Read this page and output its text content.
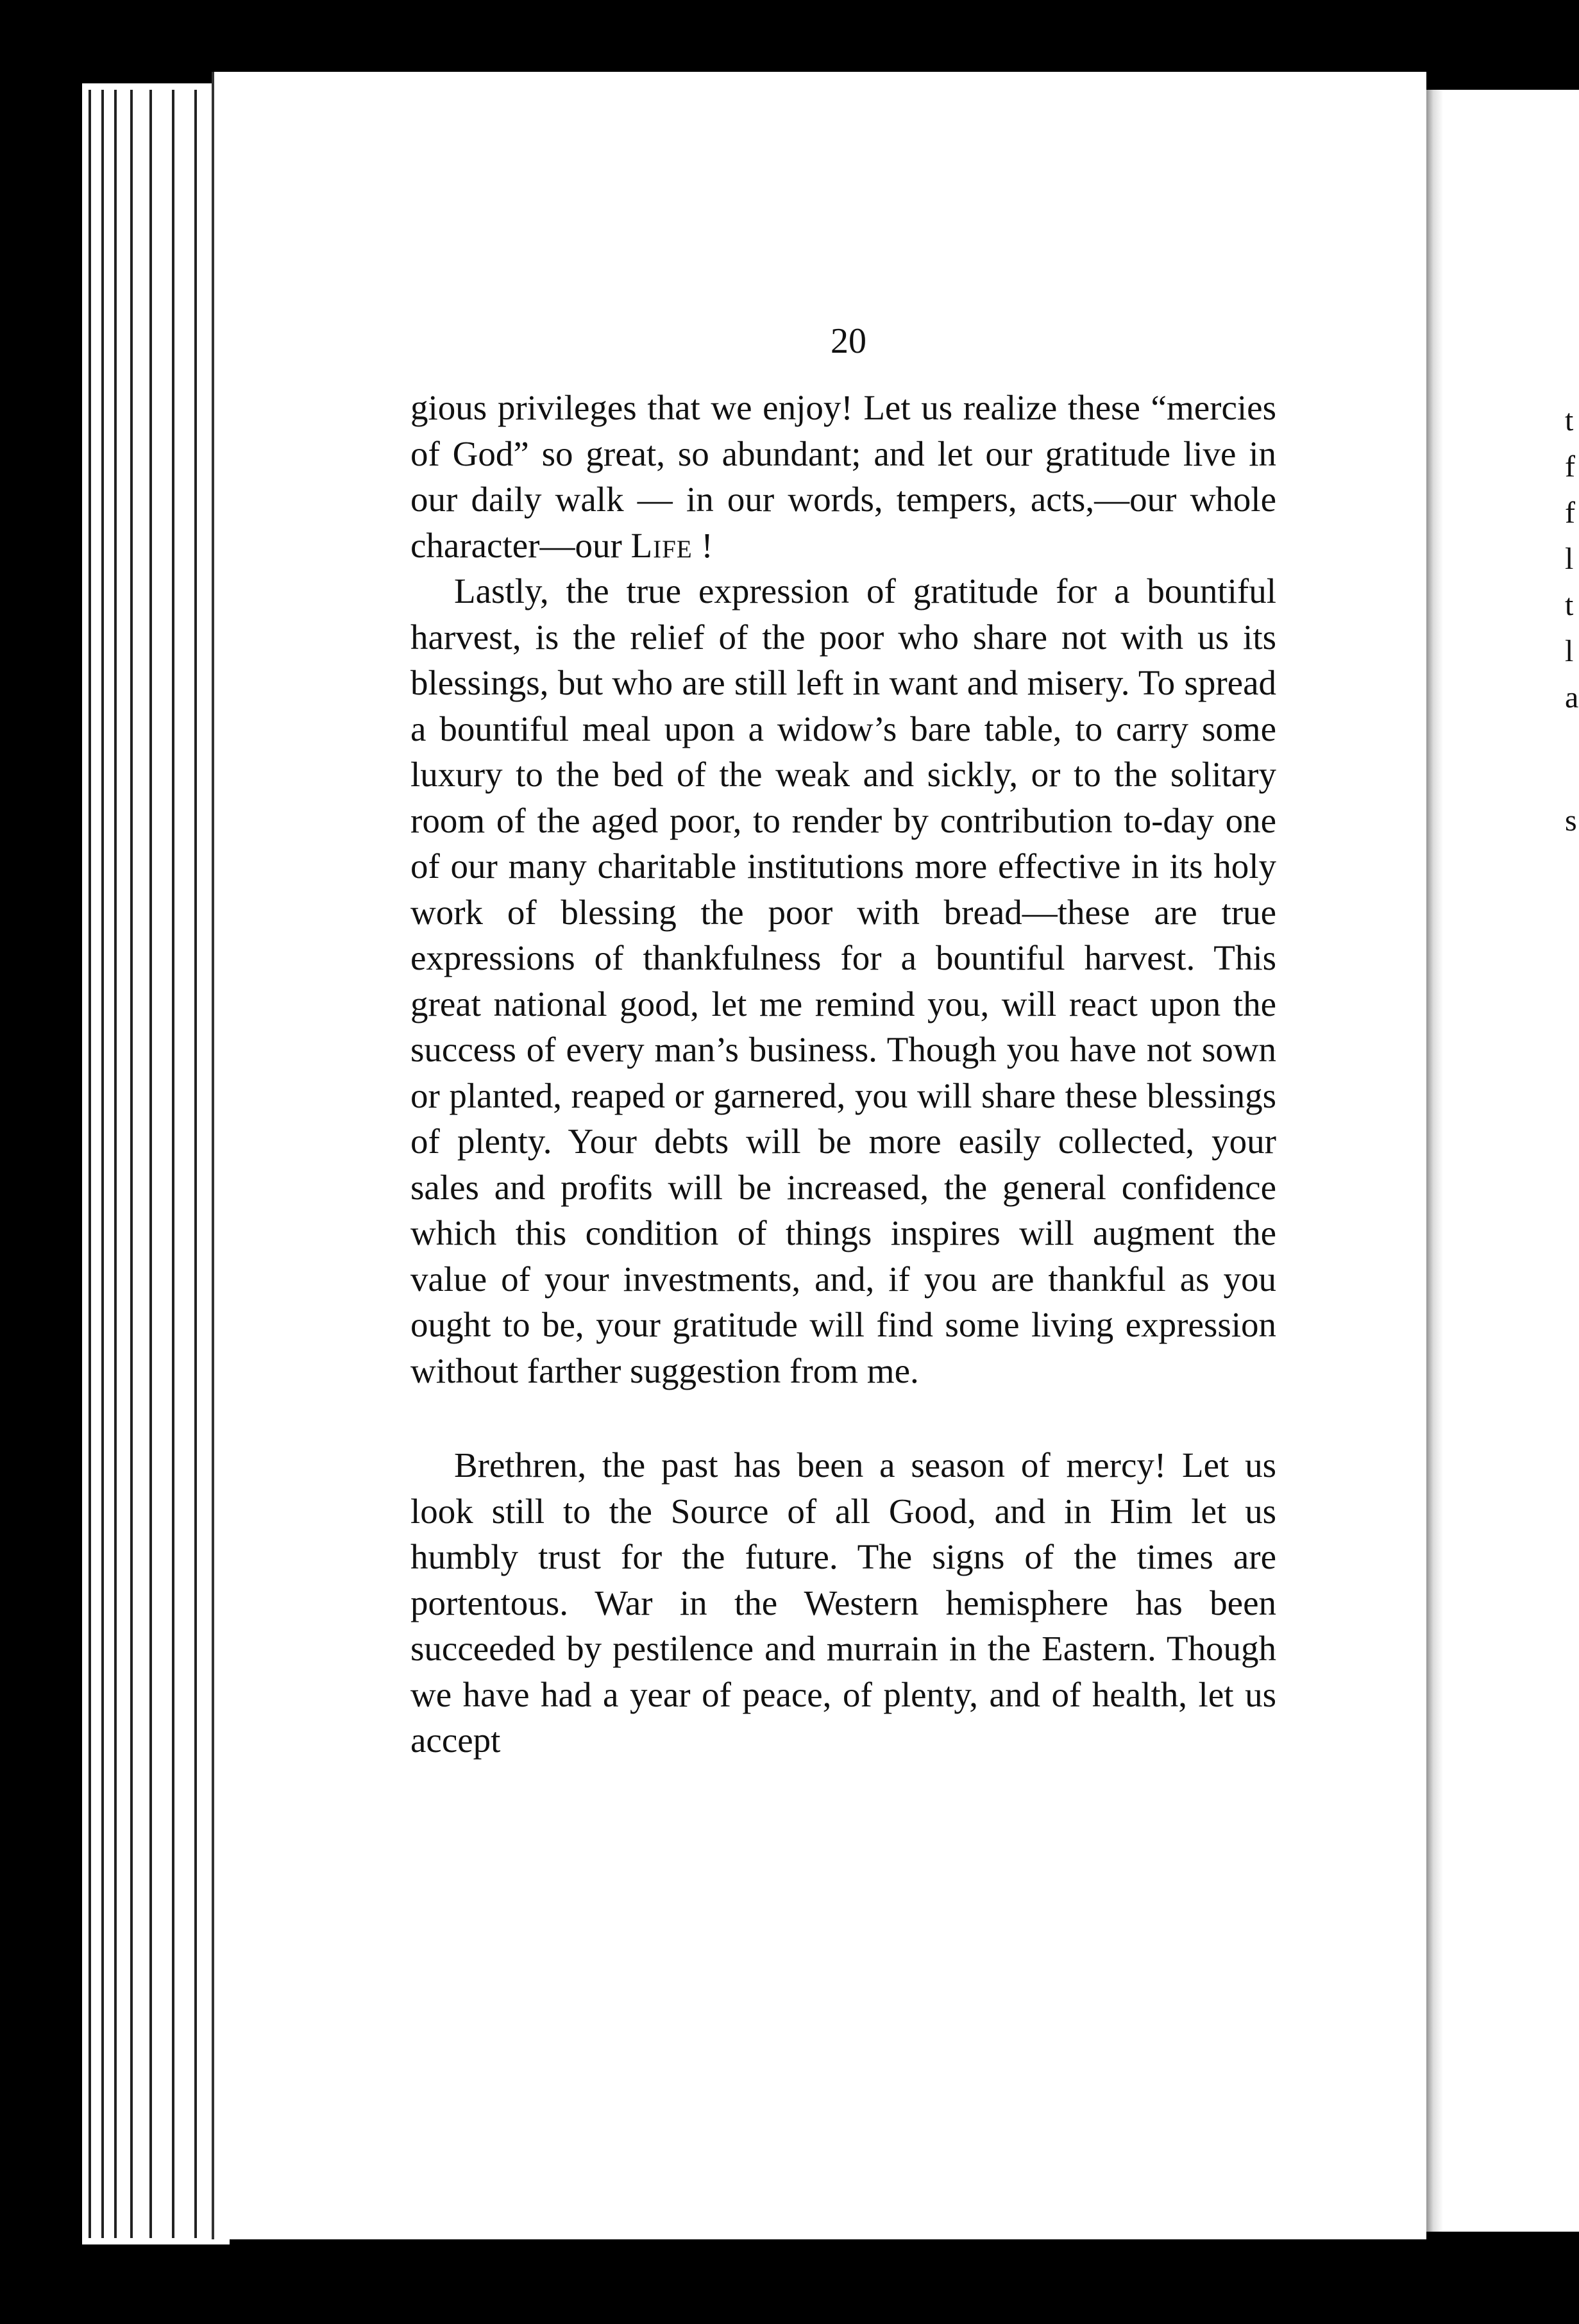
t
f
f
l
t
l
a
s
20

gious privileges that we enjoy! Let us realize these “mercies of God” so great, so abundant; and let our gratitude live in our daily walk — in our words, tempers, acts,—our whole character—our Life !

Lastly, the true expression of gratitude for a bountiful harvest, is the relief of the poor who share not with us its blessings, but who are still left in want and misery. To spread a bountiful meal upon a widow’s bare table, to carry some luxury to the bed of the weak and sickly, or to the solitary room of the aged poor, to render by contribution to-day one of our many charitable institutions more effective in its holy work of blessing the poor with bread—these are true expressions of thankfulness for a bountiful harvest. This great national good, let me remind you, will react upon the success of every man’s business. Though you have not sown or planted, reaped or garnered, you will share these blessings of plenty. Your debts will be more easily collected, your sales and profits will be increased, the general confidence which this condition of things inspires will augment the value of your investments, and, if you are thankful as you ought to be, your gratitude will find some living expression without farther suggestion from me.

Brethren, the past has been a season of mercy! Let us look still to the Source of all Good, and in Him let us humbly trust for the future. The signs of the times are portentous. War in the Western hemisphere has been succeeded by pestilence and murrain in the Eastern. Though we have had a year of peace, of plenty, and of health, let us accept
